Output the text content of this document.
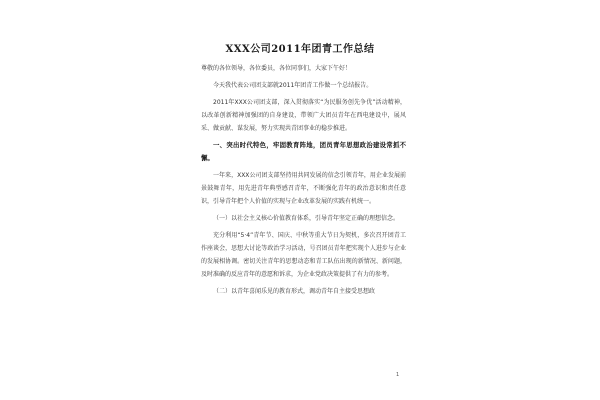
XXX公司2011年团青工作总结

尊敬的各位领导，各位委员，各位同事们，大家下午好！

今天我代表公司团支部就2011年团青工作做一个总结报告。

2011年XXX公司团支部，深入贯彻落实“为民服务创先争优”活动精神，以改革创新精神加强团的自身建设，带领广大团员青年在西电建设中，展风采、做贡献、谋发展，努力实现共青团事业的稳步推进。

一、突出时代特色，牢固教育阵地，团员青年思想政治建设常抓不懈。

一年来，XXX公司团支部坚持用共同发展的信念引领青年，用企业发展前景鼓舞青年，用先进青年典型感召青年，不断强化青年的政治意识和责任意识，引导青年把个人价值的实现与企业改革发展的实践有机统一。

（一）以社会主义核心价值教育体系，引导青年坚定正确的理想信念。

充分利用“5·4”青年节、国庆、中秋等重大节日为契机，多次召开团青工作座谈会，思想大讨论等政治学习活动，号召团员青年把实现个人进步与企业的发展相协调。密切关注青年的思想动态和青工队伍出现的新情况、新问题，及时准确的反应青年的意愿和诉求，为企业党政决策提供了有力的参考。

（二）以青年喜闻乐见的教育形式，调动青年自主接受思想政

1
